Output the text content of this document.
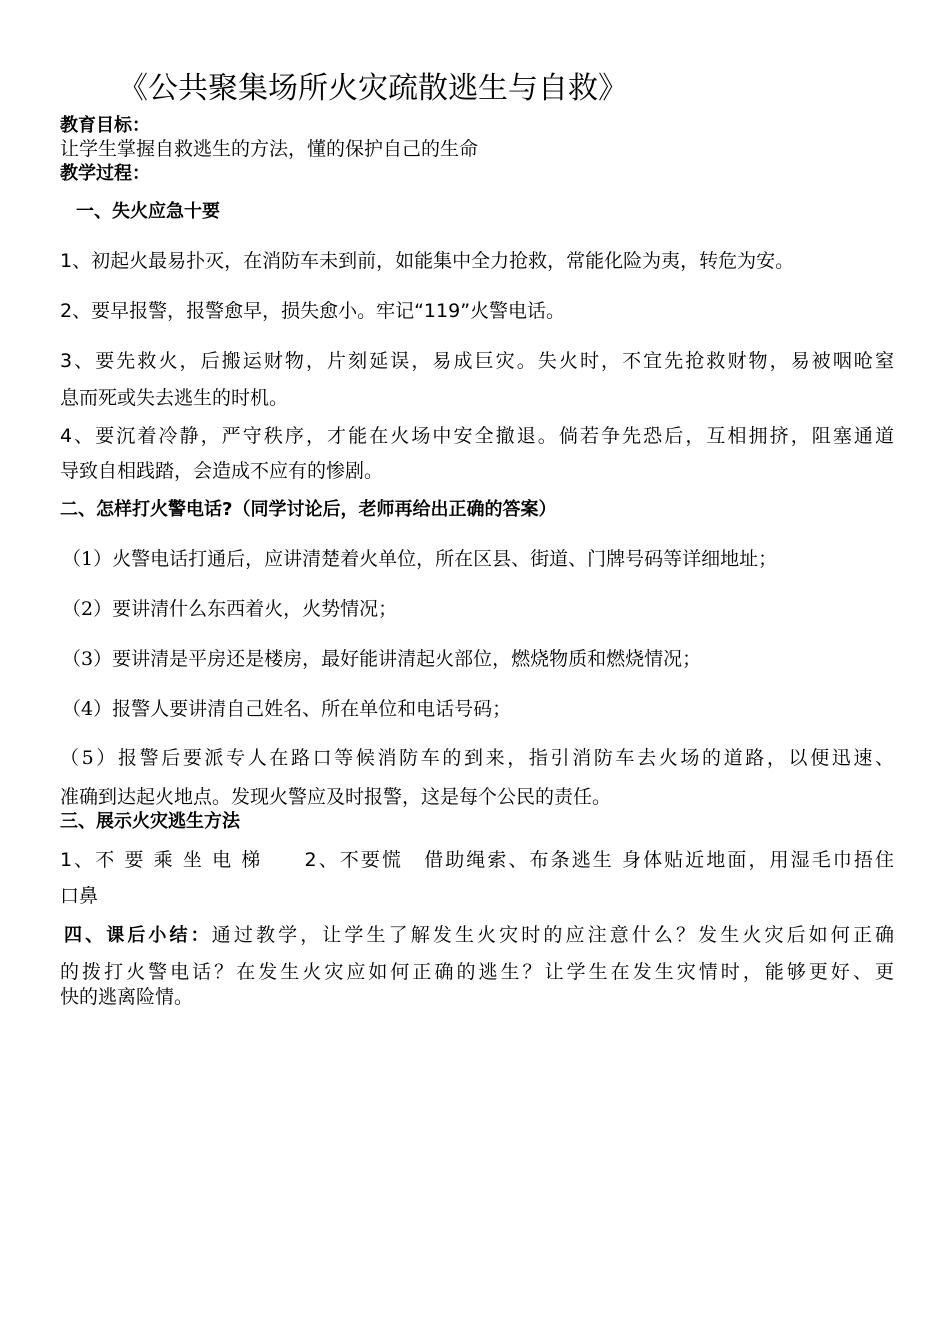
《公共聚集场所火灾疏散逃生与自救》
教育目标：
让学生掌握自救逃生的方法，懂的保护自己的生命
教学过程：
一、失火应急十要
1、初起火最易扑灭，在消防车未到前，如能集中全力抢救，常能化险为夷，转危为安。
2、要早报警，报警愈早，损失愈小。牢记“119”火警电话。
3、要先救火，后搬运财物，片刻延误，易成巨灾。失火时，不宜先抢救财物，易被咽呛窒
息而死或失去逃生的时机。
4、要沉着冷静，严守秩序，才能在火场中安全撤退。倘若争先恐后，互相拥挤，阻塞通道
导致自相践踏，会造成不应有的惨剧。
二、怎样打火警电话?（同学讨论后，老师再给出正确的答案）
（1）火警电话打通后，应讲清楚着火单位，所在区县、街道、门牌号码等详细地址；
（2）要讲清什么东西着火，火势情况；
（3）要讲清是平房还是楼房，最好能讲清起火部位，燃烧物质和燃烧情况；
（4）报警人要讲清自己姓名、所在单位和电话号码；
（5）报警后要派专人在路口等候消防车的到来，指引消防车去火场的道路，以便迅速、
准确到达起火地点。发现火警应及时报警，这是每个公民的责任。
三、展示火灾逃生方法
1、不 要 乘 坐 电 梯　　2、不要慌　借助绳索、布条逃生 身体贴近地面，用湿毛巾捂住
口鼻
四、课后小结：通过教学，让学生了解发生火灾时的应注意什么？发生火灾后如何正确
的拨打火警电话？在发生火灾应如何正确的逃生？让学生在发生灾情时，能够更好、更
快的逃离险情。
